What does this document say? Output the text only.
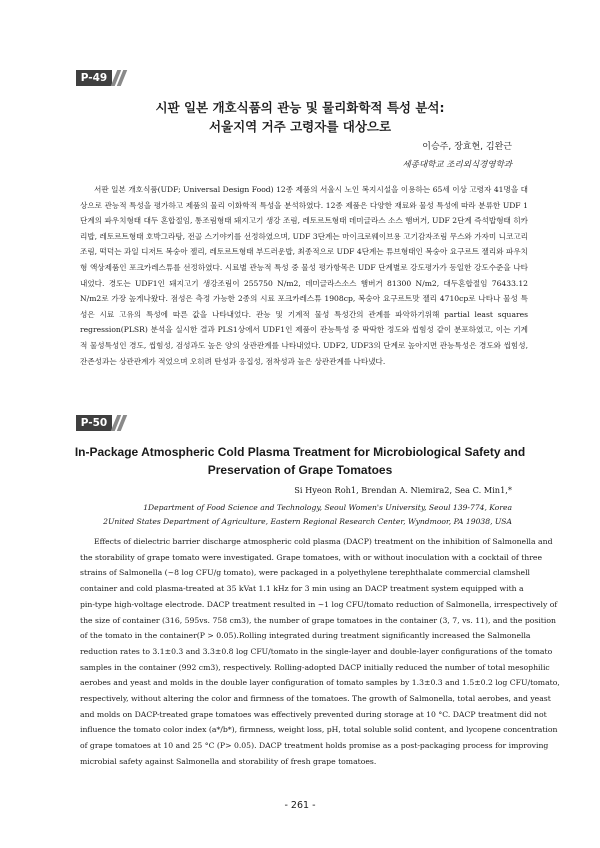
P-49
시판 일본 개호식품의 관능 및 물리화학적 특성 분석:
서울지역 거주 고령자를 대상으로
이승주, 장효현, 김완근
세종대학교 조리외식경영학과

서판 일본 개호식품(UDF; Universal Design Food) 12종 제품의 서울시 노인 복지시설을 이용하는 65세 이상 고령자 41명을 대상으로 관능적 특성을 평가하고 제품의 물리 이화학적 특성을 분석하였다. 12종 제품은 다양한 재료와 물성 특성에 따라 분류한 UDF 1단계의 파우치형태 대두 혼합절임, 통조림형태 돼지고기 생강 조림, 레토르트형태 데미글라스 소스 햄버거, UDF 2단계 즉석밥형태 히카리밥, 레토르트형태 호박그라탕, 전골 스기야키를 선정하였으며, UDF 3단계는 마이크로웨이브용 고기감자조림 무스와 가자미 니코고리조림, 떡덕는 과일 디저트 복숭아 젤리, 레토르트형태 부드러운밥, 최종적으로 UDF 4단계는 튜브형태인 복숭아 요구르트 젤리와 파우치형 액상제품인 포크카레스튜를 선정하였다. 시료별 관능적 특성 중 물성 평가항목은 UDF 단계별로 강도평가가 동일한 강도수준을 나타내었다. 경도는 UDF1인 돼지고기 생강조림이 255750 N/m2, 데미글라스소스 햄버거 81300 N/m2, 대두혼합절임 76433.12 N/m2로 가장 높게나왔다. 점성은 측정 가능한 2종의 시료 포크카레스튜 1908cp, 복숭아 요구르트맛 젤리 4710cp로 나타나 물성 특성은 시료 고유의 특성에 따른 값을 나타내었다. 관능 및 기계적 물성 특성간의 관계를 파악하기위해 partial least squares regression(PLSR) 분석을 실시한 결과 PLS1상에서 UDF1인 제품이 관능특성 중 딱딱한 정도와 씹힘성 같이 분포하였고, 이는 기계적 물성특성인 경도, 씹힘성, 검성과도 높은 양의 상관관계를 나타내었다. UDF2, UDF3의 단계로 높아지면 관능특성은 경도와 씹힘성, 잔존성과는 상관관계가 적었으며 오히려 탄성과 응집성, 점착성과 높은 상관관계를 나타냈다.

P-50
In-Package Atmospheric Cold Plasma Treatment for Microbiological Safety and
Preservation of Grape Tomatoes
Si Hyeon Roh1, Brendan A. Niemira2, Sea C. Min1,*
1Department of Food Science and Technology, Seoul Women's University, Seoul 139-774, Korea
2United States Department of Agriculture, Eastern Regional Research Center, Wyndmoor, PA 19038, USA
Effects of dielectric barrier discharge atmospheric cold plasma (DACP) treatment on the inhibition of Salmonella and
the storability of grape tomato were investigated. Grape tomatoes, with or without inoculation with a cocktail of three
strains of Salmonella (~8 log CFU/g tomato), were packaged in a polyethylene terephthalate commercial clamshell
container and cold plasma-treated at 35 kVat 1.1 kHz for 3 min using an DACP treatment system equipped with a
pin-type high-voltage electrode. DACP treatment resulted in ~1 log CFU/tomato reduction of Salmonella, irrespectively of
the size of container (316, 595vs. 758 cm3), the number of grape tomatoes in the container (3, 7, vs. 11), and the position
of the tomato in the container(P > 0.05).Rolling integrated during treatment significantly increased the Salmonella
reduction rates to 3.1±0.3 and 3.3±0.8 log CFU/tomato in the single-layer and double-layer configurations of the tomato
samples in the container (992 cm3), respectively. Rolling-adopted DACP initially reduced the number of total mesophilic
aerobes and yeast and molds in the double layer configuration of tomato samples by 1.3±0.3 and 1.5±0.2 log CFU/tomato,
respectively, without altering the color and firmness of the tomatoes. The growth of Salmonella, total aerobes, and yeast
and molds on DACP-treated grape tomatoes was effectively prevented during storage at 10 °C. DACP treatment did not
influence the tomato color index (a*/b*), firmness, weight loss, pH, total soluble solid content, and lycopene concentration
of grape tomatoes at 10 and 25 °C (P> 0.05). DACP treatment holds promise as a post-packaging process for improving
microbial safety against Salmonella and storability of fresh grape tomatoes.
- 261 -
